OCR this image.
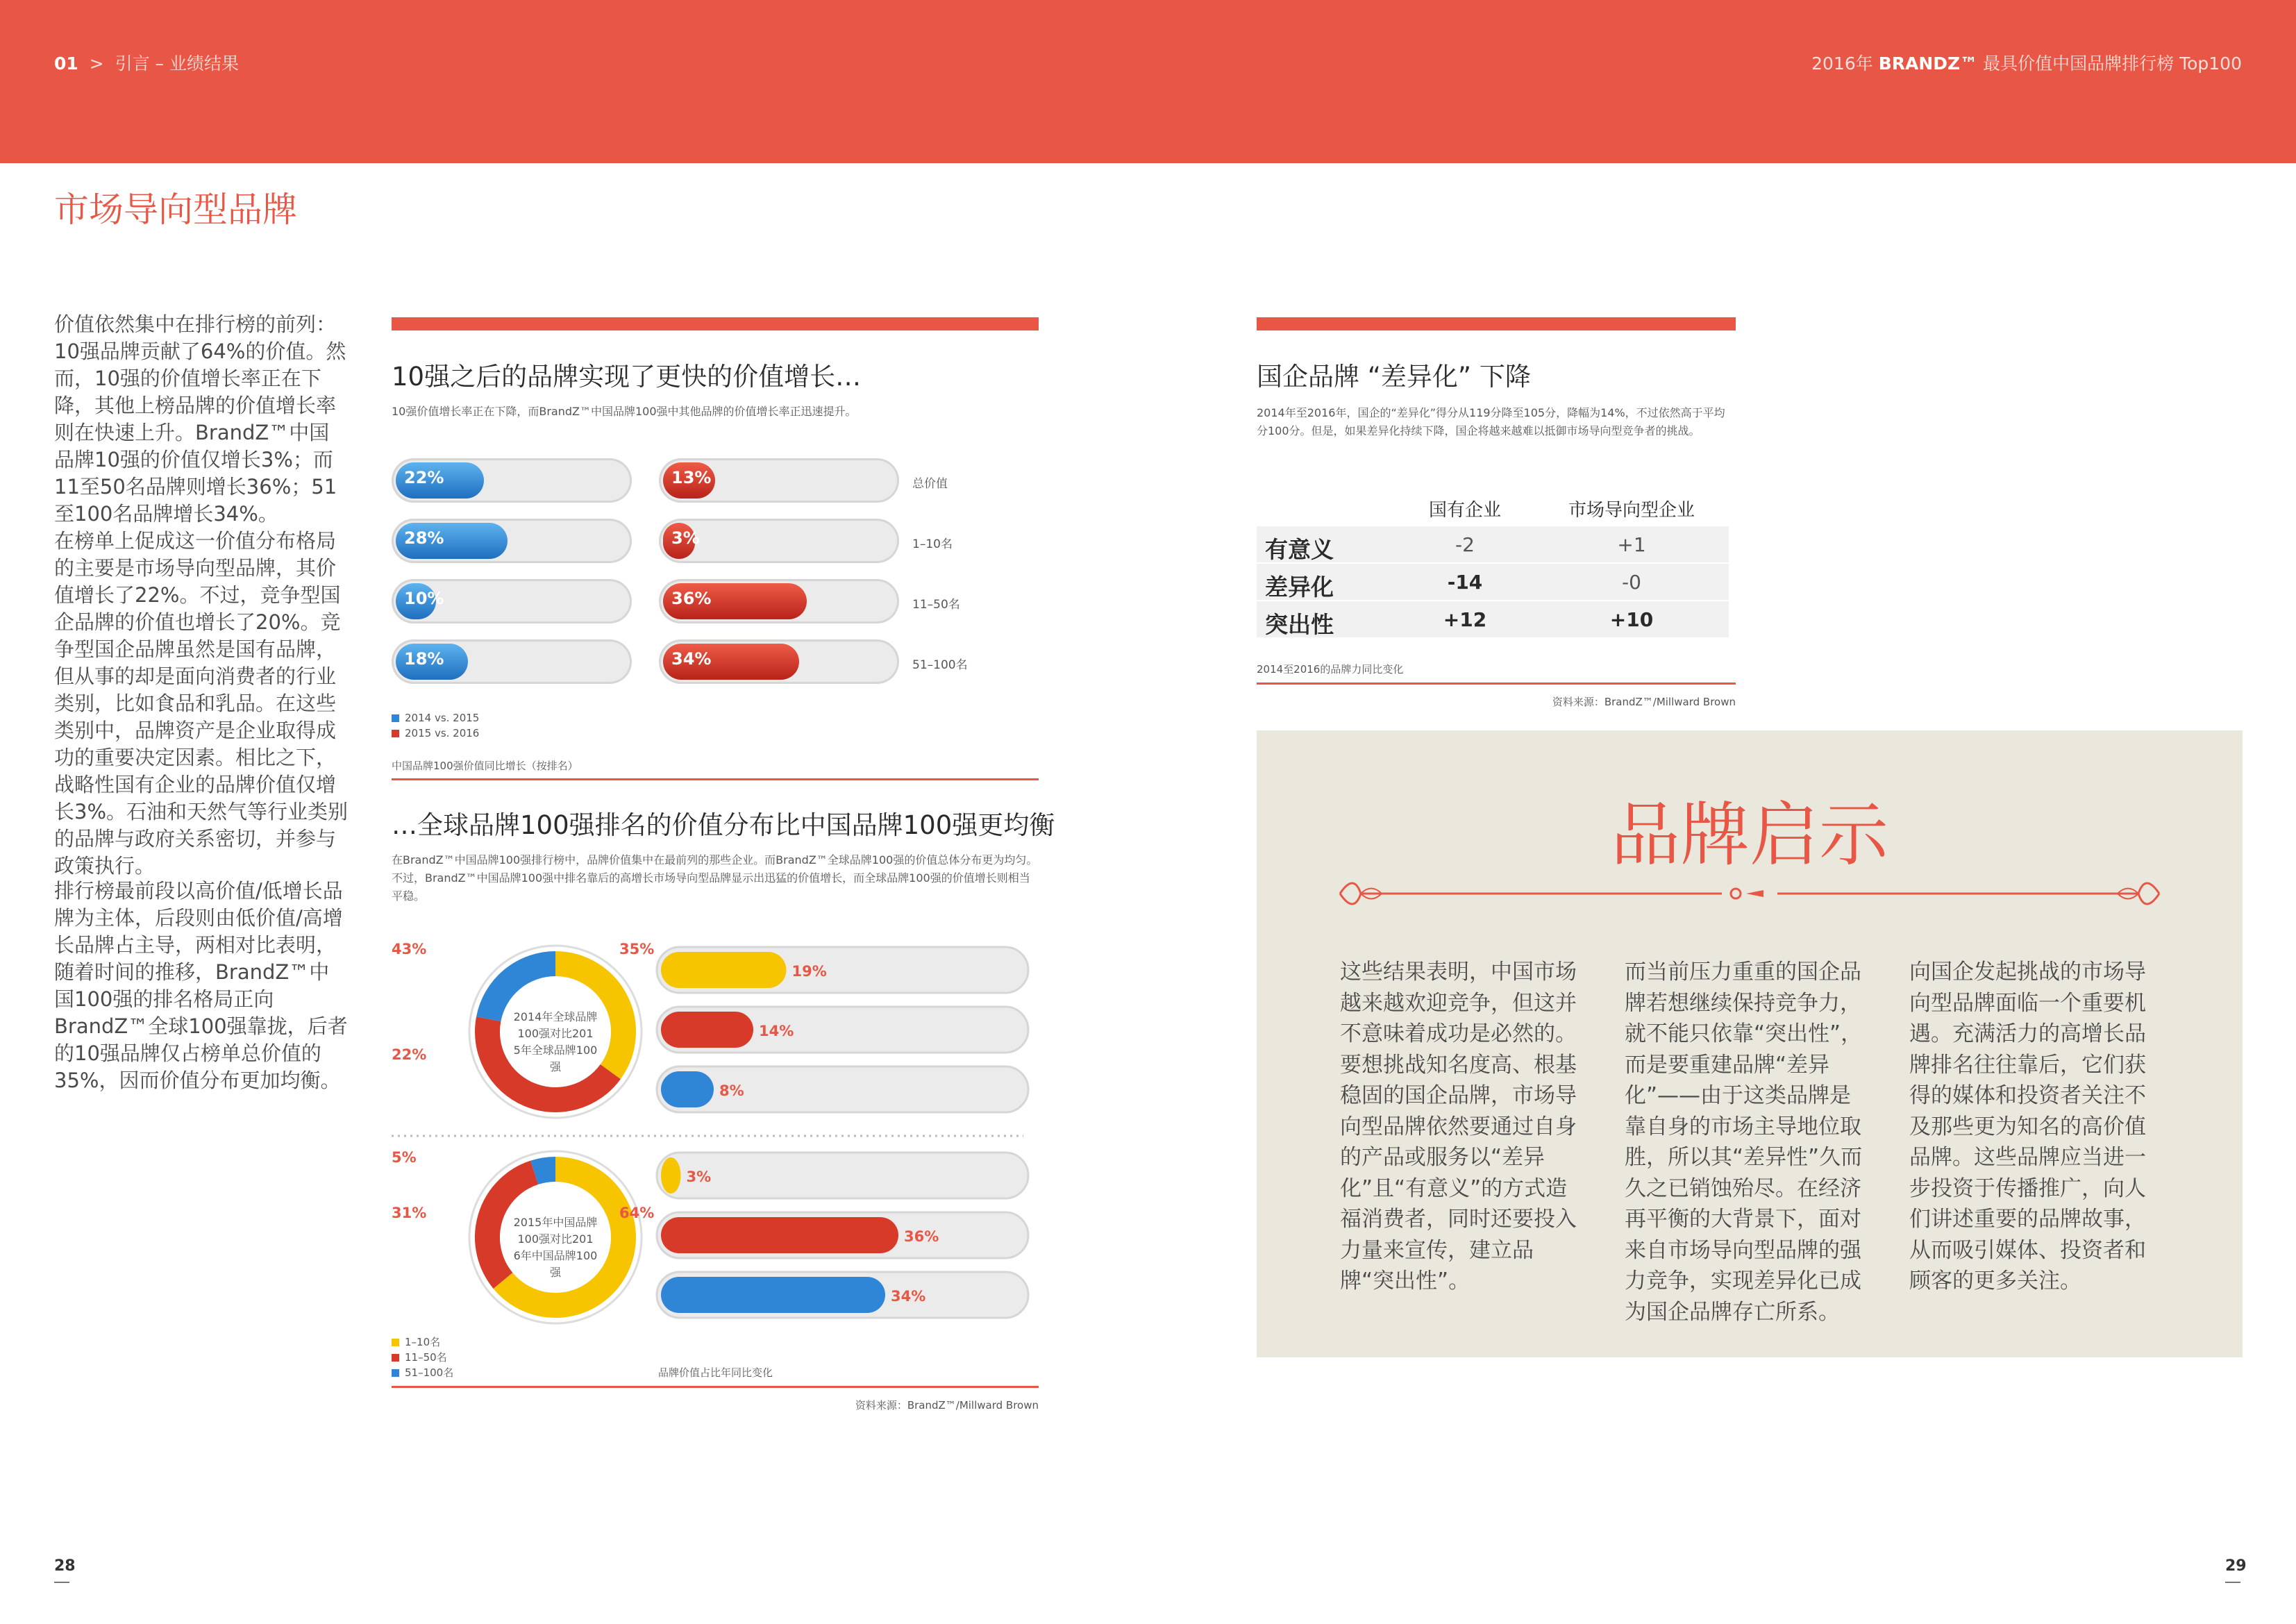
01 > 引言 – 业绩结果	2016年 BRANDZ™ 最具价值中国品牌排行榜 Top100
市场导向型品牌
价值依然集中在排行榜的前列：10强品牌贡献了64%的价值。然而，10强的价值增长率正在下降，其他上榜品牌的价值增长率则在快速上升。BrandZ™中国品牌10强的价值仅增长3%；而11至50名品牌则增长36%；51至100名品牌增长34%。
在榜单上促成这一价值分布格局的主要是市场导向型品牌，其价值增长了22%。不过，竞争型国企品牌的价值也增长了20%。竞争型国企品牌虽然是国有品牌，但从事的却是面向消费者的行业类别，比如食品和乳品。在这些类别中，品牌资产是企业取得成功的重要决定因素。相比之下，战略性国有企业的品牌价值仅增长3%。石油和天然气等行业类别的品牌与政府关系密切，并参与政策执行。
排行榜最前段以高价值/低增长品牌为主体，后段则由低价值/高增长品牌占主导，两相对比表明，随着时间的推移，BrandZ™中国100强的排名格局正向BrandZ™全球100强靠拢，后者的10强品牌仅占榜单总价值的35%，因而价值分布更加均衡。
10强之后的品牌实现了更快的价值增长…
10强价值增长率正在下降，而BrandZ™中国品牌100强中其他品牌的价值增长率正迅速提升。
22%	13%	总价值
28%	3%	1–10名
10%	36%	11–50名
18%	34%	51–100名
2014 vs. 2015
2015 vs. 2016
中国品牌100强价值同比增长（按排名）
…全球品牌100强排名的价值分布比中国品牌100强更均衡
在BrandZ™中国品牌100强排行榜中，品牌价值集中在最前列的那些企业。而BrandZ™全球品牌100强的价值总体分布更为均匀。不过，BrandZ™中国品牌100强中排名靠后的高增长市场导向型品牌显示出迅猛的价值增长，而全球品牌100强的价值增长则相当平稳。
2014年全球品牌
100强对比201
5年全球品牌100
强
43%	35%
22%
19%
14%
8%
2015年中国品牌
100强对比201
6年中国品牌100
强
5%
31%	64%
3%
36%
34%
1–10名
11–50名
51–100名	品牌价值占比年同比变化
资料来源：BrandZ™/Millward Brown
国企品牌 “差异化” 下降
2014年至2016年，国企的“差异化”得分从119分降至105分，降幅为14%，不过依然高于平均分100分。但是，如果差异化持续下降，国企将越来越难以抵御市场导向型竞争者的挑战。
国有企业	市场导向型企业
有意义	-2	+1
差异化	-14	-0
突出性	+12	+10
2014至2016的品牌力同比变化
资料来源：BrandZ™/Millward Brown
品牌启示
这些结果表明，中国市场越来越欢迎竞争，但这并不意味着成功是必然的。要想挑战知名度高、根基稳固的国企品牌，市场导向型品牌依然要通过自身的产品或服务以“差异化”且“有意义”的方式造福消费者，同时还要投入力量来宣传，建立品牌“突出性”。
而当前压力重重的国企品牌若想继续保持竞争力，就不能只依靠“突出性”，而是要重建品牌“差异化”——由于这类品牌是靠自身的市场主导地位取胜，所以其“差异性”久而久之已销蚀殆尽。在经济再平衡的大背景下，面对来自市场导向型品牌的强力竞争，实现差异化已成为国企品牌存亡所系。
向国企发起挑战的市场导向型品牌面临一个重要机遇。充满活力的高增长品牌排名往往靠后，它们获得的媒体和投资者关注不及那些更为知名的高价值品牌。这些品牌应当进一步投资于传播推广，向人们讲述重要的品牌故事，从而吸引媒体、投资者和顾客的更多关注。
28	29
